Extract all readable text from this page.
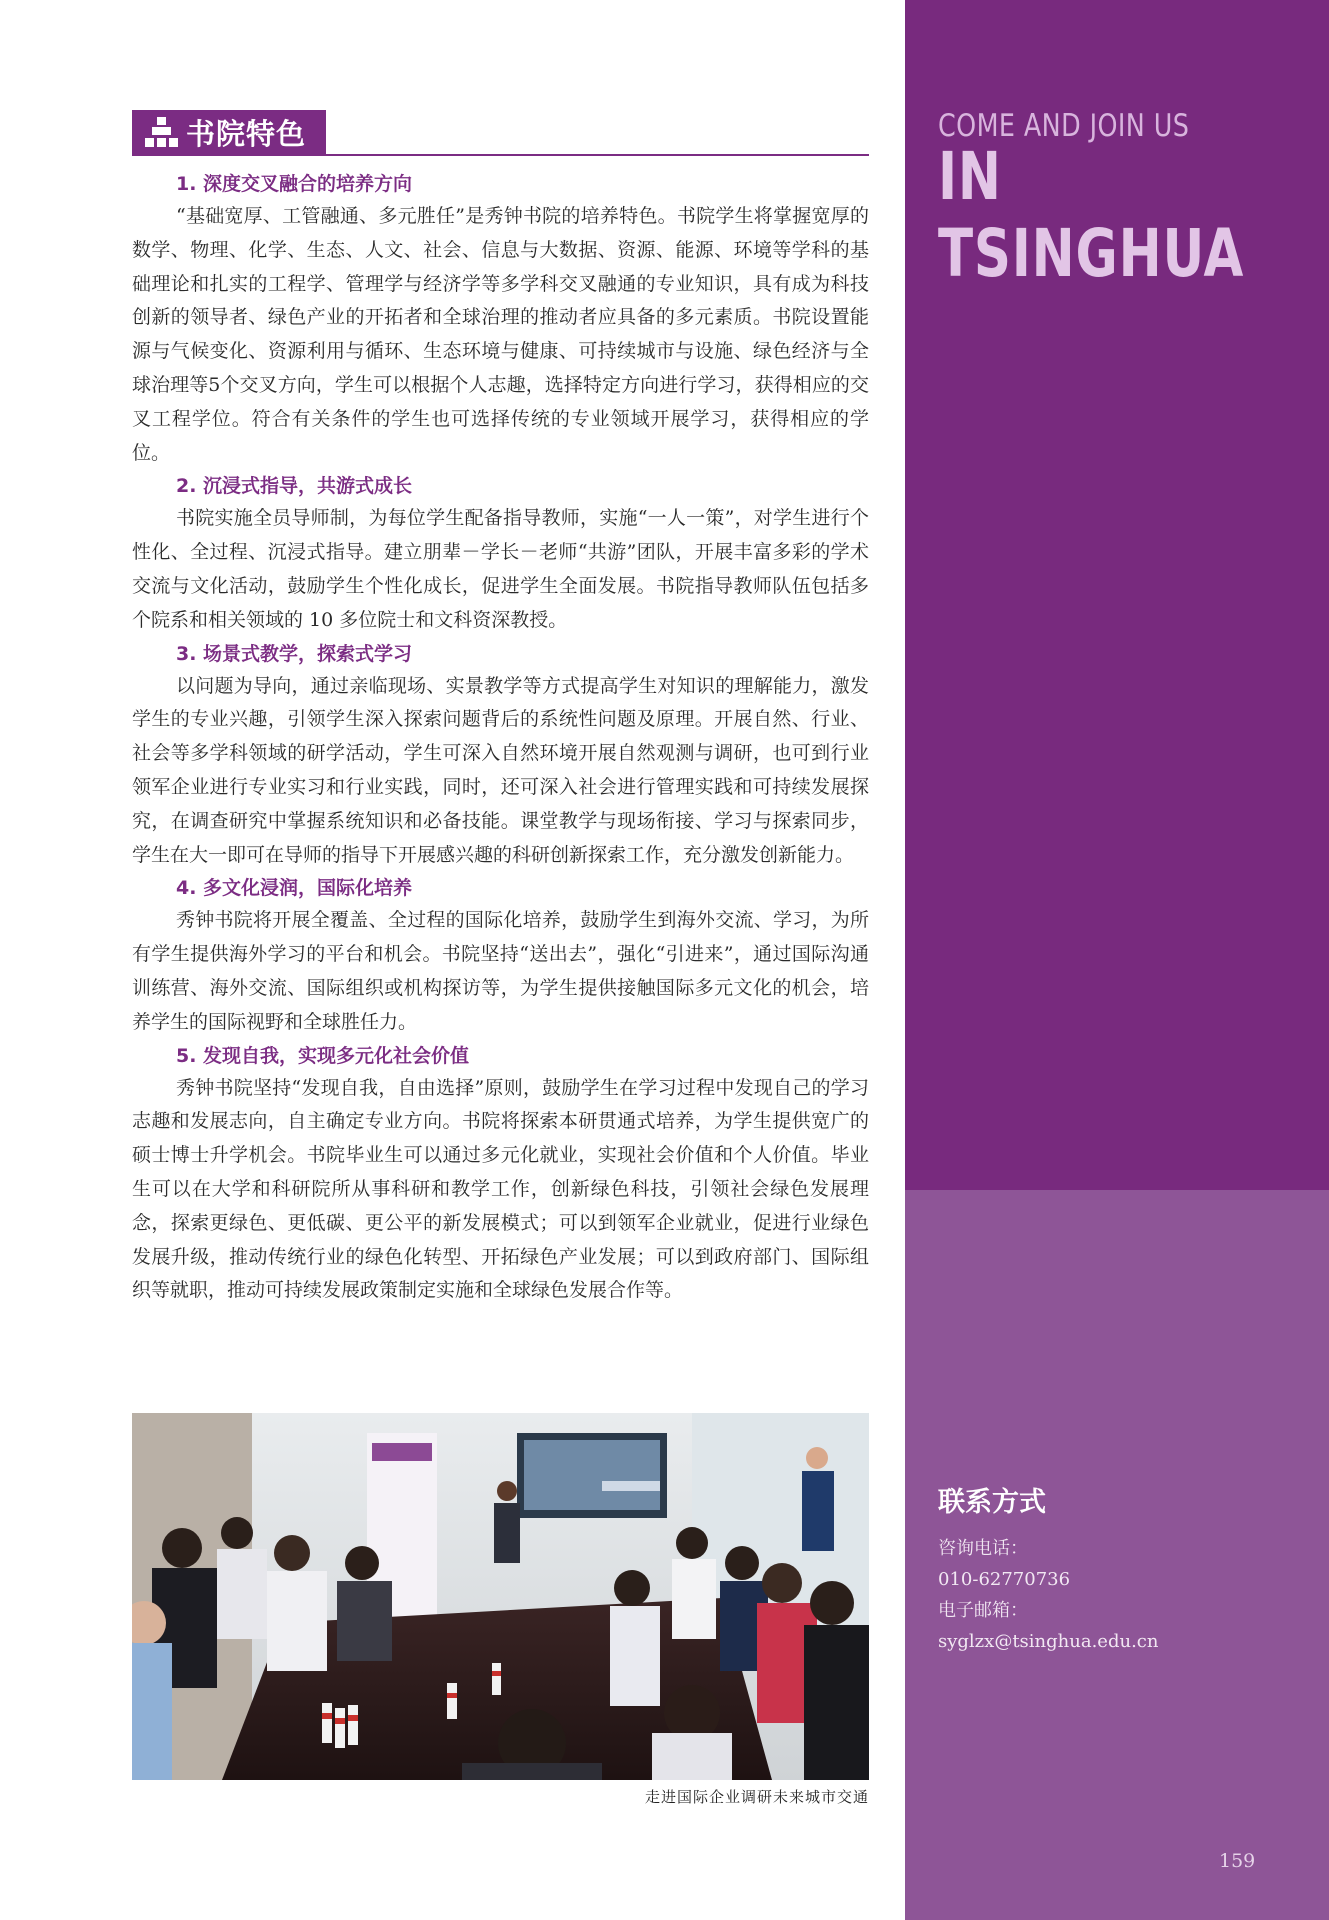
书院特色

1. 深度交叉融合的培养方向

“基础宽厚、工管融通、多元胜任”是秀钟书院的培养特色。书院学生将掌握宽厚的数学、物理、化学、生态、人文、社会、信息与大数据、资源、能源、环境等学科的基础理论和扎实的工程学、管理学与经济学等多学科交叉融通的专业知识，具有成为科技创新的领导者、绿色产业的开拓者和全球治理的推动者应具备的多元素质。书院设置能源与气候变化、资源利用与循环、生态环境与健康、可持续城市与设施、绿色经济与全球治理等5个交叉方向，学生可以根据个人志趣，选择特定方向进行学习，获得相应的交叉工程学位。符合有关条件的学生也可选择传统的专业领域开展学习，获得相应的学位。

2. 沉浸式指导，共游式成长

书院实施全员导师制，为每位学生配备指导教师，实施“一人一策”，对学生进行个性化、全过程、沉浸式指导。建立朋辈－学长－老师“共游”团队，开展丰富多彩的学术交流与文化活动，鼓励学生个性化成长，促进学生全面发展。书院指导教师队伍包括多个院系和相关领域的 10 多位院士和文科资深教授。

3. 场景式教学，探索式学习

以问题为导向，通过亲临现场、实景教学等方式提高学生对知识的理解能力，激发学生的专业兴趣，引领学生深入探索问题背后的系统性问题及原理。开展自然、行业、社会等多学科领域的研学活动，学生可深入自然环境开展自然观测与调研，也可到行业领军企业进行专业实习和行业实践，同时，还可深入社会进行管理实践和可持续发展探究，在调查研究中掌握系统知识和必备技能。课堂教学与现场衔接、学习与探索同步，学生在大一即可在导师的指导下开展感兴趣的科研创新探索工作，充分激发创新能力。

4. 多文化浸润，国际化培养

秀钟书院将开展全覆盖、全过程的国际化培养，鼓励学生到海外交流、学习，为所有学生提供海外学习的平台和机会。书院坚持“送出去”，强化“引进来”，通过国际沟通训练营、海外交流、国际组织或机构探访等，为学生提供接触国际多元文化的机会，培养学生的国际视野和全球胜任力。

5. 发现自我，实现多元化社会价值

秀钟书院坚持“发现自我，自由选择”原则，鼓励学生在学习过程中发现自己的学习志趣和发展志向，自主确定专业方向。书院将探索本研贯通式培养，为学生提供宽广的硕士博士升学机会。书院毕业生可以通过多元化就业，实现社会价值和个人价值。毕业生可以在大学和科研院所从事科研和教学工作，创新绿色科技，引领社会绿色发展理念，探索更绿色、更低碳、更公平的新发展模式；可以到领军企业就业，促进行业绿色发展升级，推动传统行业的绿色化转型、开拓绿色产业发展；可以到政府部门、国际组织等就职，推动可持续发展政策制定实施和全球绿色发展合作等。

走进国际企业调研未来城市交通
COME AND JOIN US
IN TSINGHUA
联系方式
咨询电话：
010-62770736
电子邮箱：
syglzx@tsinghua.edu.cn
159
